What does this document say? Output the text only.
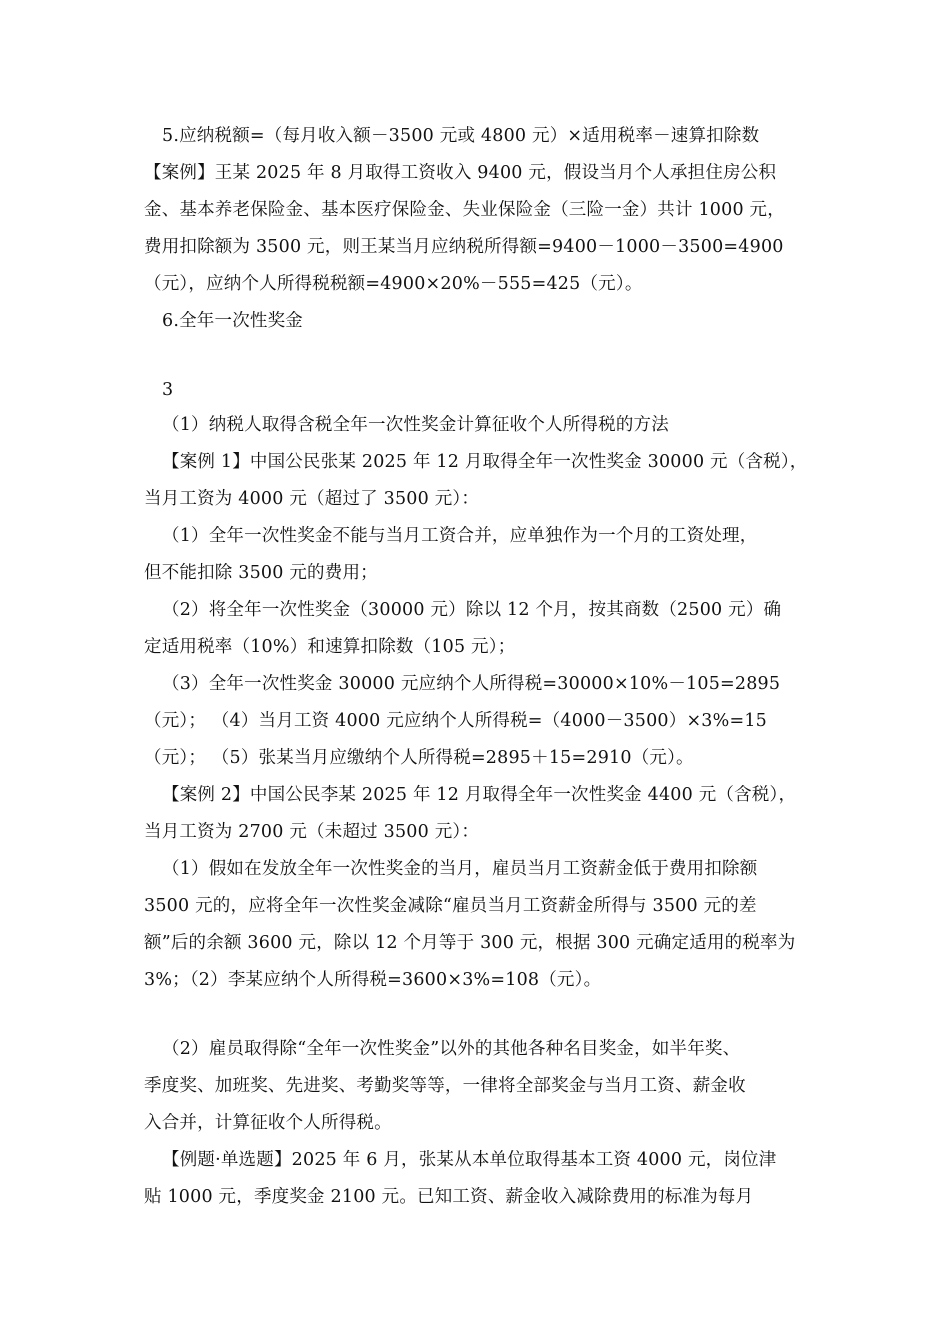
5.应纳税额=（每月收入额－3500 元或 4800 元）×适用税率－速算扣除数
【案例】王某 2025 年 8 月取得工资收入 9400 元，假设当月个人承担住房公积
金、基本养老保险金、基本医疗保险金、失业保险金（三险一金）共计 1000 元，
费用扣除额为 3500 元，则王某当月应纳税所得额=9400－1000－3500=4900
（元），应纳个人所得税税额=4900×20%－555=425（元）。
6.全年一次性奖金
3
（1）纳税人取得含税全年一次性奖金计算征收个人所得税的方法
【案例 1】中国公民张某 2025 年 12 月取得全年一次性奖金 30000 元（含税），
当月工资为 4000 元（超过了 3500 元）：
（1）全年一次性奖金不能与当月工资合并，应单独作为一个月的工资处理，
但不能扣除 3500 元的费用；
（2）将全年一次性奖金（30000 元）除以 12 个月，按其商数（2500 元）确
定适用税率（10%）和速算扣除数（105 元）；
（3）全年一次性奖金 30000 元应纳个人所得税=30000×10%－105=2895
（元）； （4）当月工资 4000 元应纳个人所得税=（4000－3500）×3%=15
（元）； （5）张某当月应缴纳个人所得税=2895＋15=2910（元）。
【案例 2】中国公民李某 2025 年 12 月取得全年一次性奖金 4400 元（含税），
当月工资为 2700 元（未超过 3500 元）：
（1）假如在发放全年一次性奖金的当月，雇员当月工资薪金低于费用扣除额
3500 元的，应将全年一次性奖金减除“雇员当月工资薪金所得与 3500 元的差
额”后的余额 3600 元，除以 12 个月等于 300 元，根据 300 元确定适用的税率为
3%；（2）李某应纳个人所得税=3600×3%=108（元）。
（2）雇员取得除“全年一次性奖金”以外的其他各种名目奖金，如半年奖、
季度奖、加班奖、先进奖、考勤奖等等，一律将全部奖金与当月工资、薪金收
入合并，计算征收个人所得税。
【例题·单选题】2025 年 6 月，张某从本单位取得基本工资 4000 元，岗位津
贴 1000 元，季度奖金 2100 元。已知工资、薪金收入减除费用的标准为每月
